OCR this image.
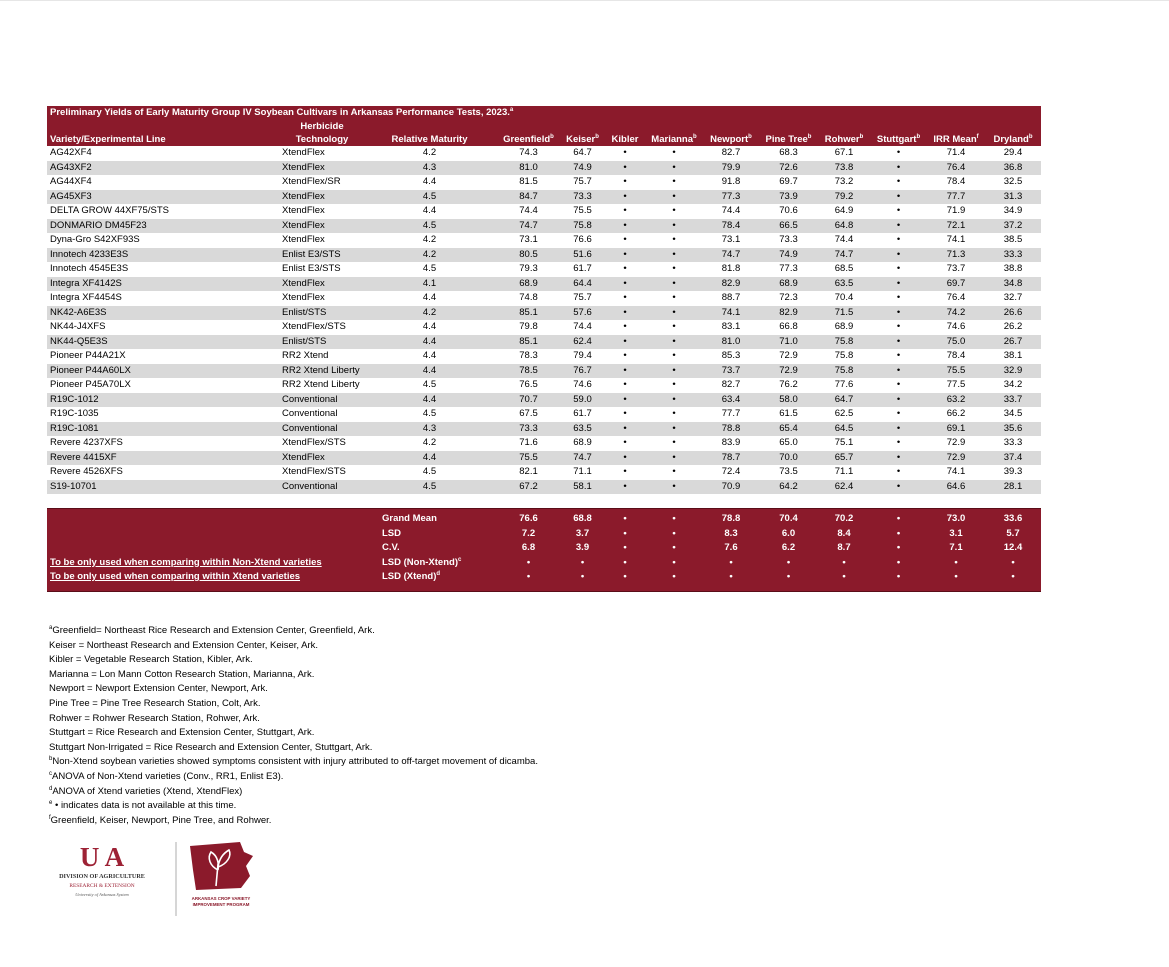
Preliminary Yields of Early Maturity Group IV Soybean Cultivars in Arkansas Performance Tests, 2023.$^a$
	Herbicide											
Variety/Experimental Line	Technology	Relative Maturity	Greenfield$^b$	Keiser$^b$	Kibler	Marianna$^b$	Newport$^b$	Pine Tree$^b$	Rohwer$^b$	Stuttgart$^b$	IRR Mean$^f$	Dryland$^b$
AG42XF4	XtendFlex	4.2	74.3	64.7	•	•	82.7	68.3	67.1	•	71.4	29.4
AG43XF2	XtendFlex	4.3	81.0	74.9	•	•	79.9	72.6	73.8	•	76.4	36.8
AG44XF4	XtendFlex/SR	4.4	81.5	75.7	•	•	91.8	69.7	73.2	•	78.4	32.5
AG45XF3	XtendFlex	4.5	84.7	73.3	•	•	77.3	73.9	79.2	•	77.7	31.3
DELTA GROW 44XF75/STS	XtendFlex	4.4	74.4	75.5	•	•	74.4	70.6	64.9	•	71.9	34.9
DONMARIO DM45F23	XtendFlex	4.5	74.7	75.8	•	•	78.4	66.5	64.8	•	72.1	37.2
Dyna-Gro S42XF93S	XtendFlex	4.2	73.1	76.6	•	•	73.1	73.3	74.4	•	74.1	38.5
Innotech 4233E3S	Enlist E3/STS	4.2	80.5	51.6	•	•	74.7	74.9	74.7	•	71.3	33.3
Innotech 4545E3S	Enlist E3/STS	4.5	79.3	61.7	•	•	81.8	77.3	68.5	•	73.7	38.8
Integra XF4142S	XtendFlex	4.1	68.9	64.4	•	•	82.9	68.9	63.5	•	69.7	34.8
Integra XF4454S	XtendFlex	4.4	74.8	75.7	•	•	88.7	72.3	70.4	•	76.4	32.7
NK42-A6E3S	Enlist/STS	4.2	85.1	57.6	•	•	74.1	82.9	71.5	•	74.2	26.6
NK44-J4XFS	XtendFlex/STS	4.4	79.8	74.4	•	•	83.1	66.8	68.9	•	74.6	26.2
NK44-Q5E3S	Enlist/STS	4.4	85.1	62.4	•	•	81.0	71.0	75.8	•	75.0	26.7
Pioneer P44A21X	RR2 Xtend	4.4	78.3	79.4	•	•	85.3	72.9	75.8	•	78.4	38.1
Pioneer P44A60LX	RR2 Xtend Liberty	4.4	78.5	76.7	•	•	73.7	72.9	75.8	•	75.5	32.9
Pioneer P45A70LX	RR2 Xtend Liberty	4.5	76.5	74.6	•	•	82.7	76.2	77.6	•	77.5	34.2
R19C-1012	Conventional	4.4	70.7	59.0	•	•	63.4	58.0	64.7	•	63.2	33.7
R19C-1035	Conventional	4.5	67.5	61.7	•	•	77.7	61.5	62.5	•	66.2	34.5
R19C-1081	Conventional	4.3	73.3	63.5	•	•	78.8	65.4	64.5	•	69.1	35.6
Revere 4237XFS	XtendFlex/STS	4.2	71.6	68.9	•	•	83.9	65.0	75.1	•	72.9	33.3
Revere 4415XF	XtendFlex	4.4	75.5	74.7	•	•	78.7	70.0	65.7	•	72.9	37.4
Revere 4526XFS	XtendFlex/STS	4.5	82.1	71.1	•	•	72.4	73.5	71.1	•	74.1	39.3
S19-10701	Conventional	4.5	67.2	58.1	•	•	70.9	64.2	62.4	•	64.6	28.1
	Grand Mean	76.6	68.8	•	•	78.8	70.4	70.2	•	73.0	33.6
	LSD	7.2	3.7	•	•	8.3	6.0	8.4	•	3.1	5.7
	C.V.	6.8	3.9	•	•	7.6	6.2	8.7	•	7.1	12.4
To be only used when comparing within Non-Xtend varieties	LSD (Non-Xtend)$^c$	•	•	•	•	•	•	•	•	•	•
To be only used when comparing within Xtend varieties	LSD (Xtend)$^d$	•	•	•	•	•	•	•	•	•	•
$^a$Greenfield= Northeast Rice Research and Extension Center, Greenfield, Ark.
Keiser = Northeast Research and Extension Center, Keiser, Ark.
Kibler = Vegetable Research Station, Kibler, Ark.
Marianna = Lon Mann Cotton Research Station, Marianna, Ark.
Newport = Newport Extension Center, Newport, Ark.
Pine Tree = Pine Tree Research Station, Colt, Ark.
Rohwer = Rohwer Research Station, Rohwer, Ark.
Stuttgart = Rice Research and Extension Center, Stuttgart, Ark.
Stuttgart Non-Irrigated = Rice Research and Extension Center, Stuttgart, Ark.
$^b$Non-Xtend soybean varieties showed symptoms consistent with injury attributed to off-target movement of dicamba.
$^c$ANOVA of Non-Xtend varieties (Conv., RR1, Enlist E3).
$^d$ANOVA of Xtend varieties (Xtend, XtendFlex)
$^e$ • indicates data is not available at this time.
$^f$Greenfield, Keiser, Newport, Pine Tree, and Rohwer.
U A
DIVISION OF AGRICULTURE
RESEARCH & EXTENSION
University of Arkansas System
ARKANSAS CROP VARIETY
IMPROVEMENT PROGRAM
